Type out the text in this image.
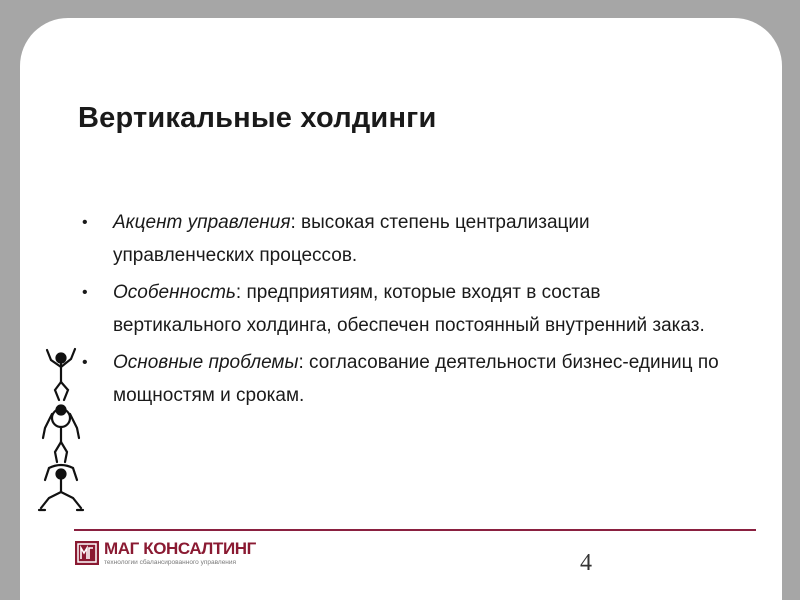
Вертикальные холдинги
• Акцент управления: высокая степень централизации управленческих процессов.
• Особенность: предприятиям, которые входят в состав вертикального холдинга, обеспечен постоянный внутренний заказ.
• Основные проблемы: согласование деятельности бизнес-единиц по мощностям и срокам.
МАГ КОНСАЛТИНГ
технологии сбалансированного управления	4
